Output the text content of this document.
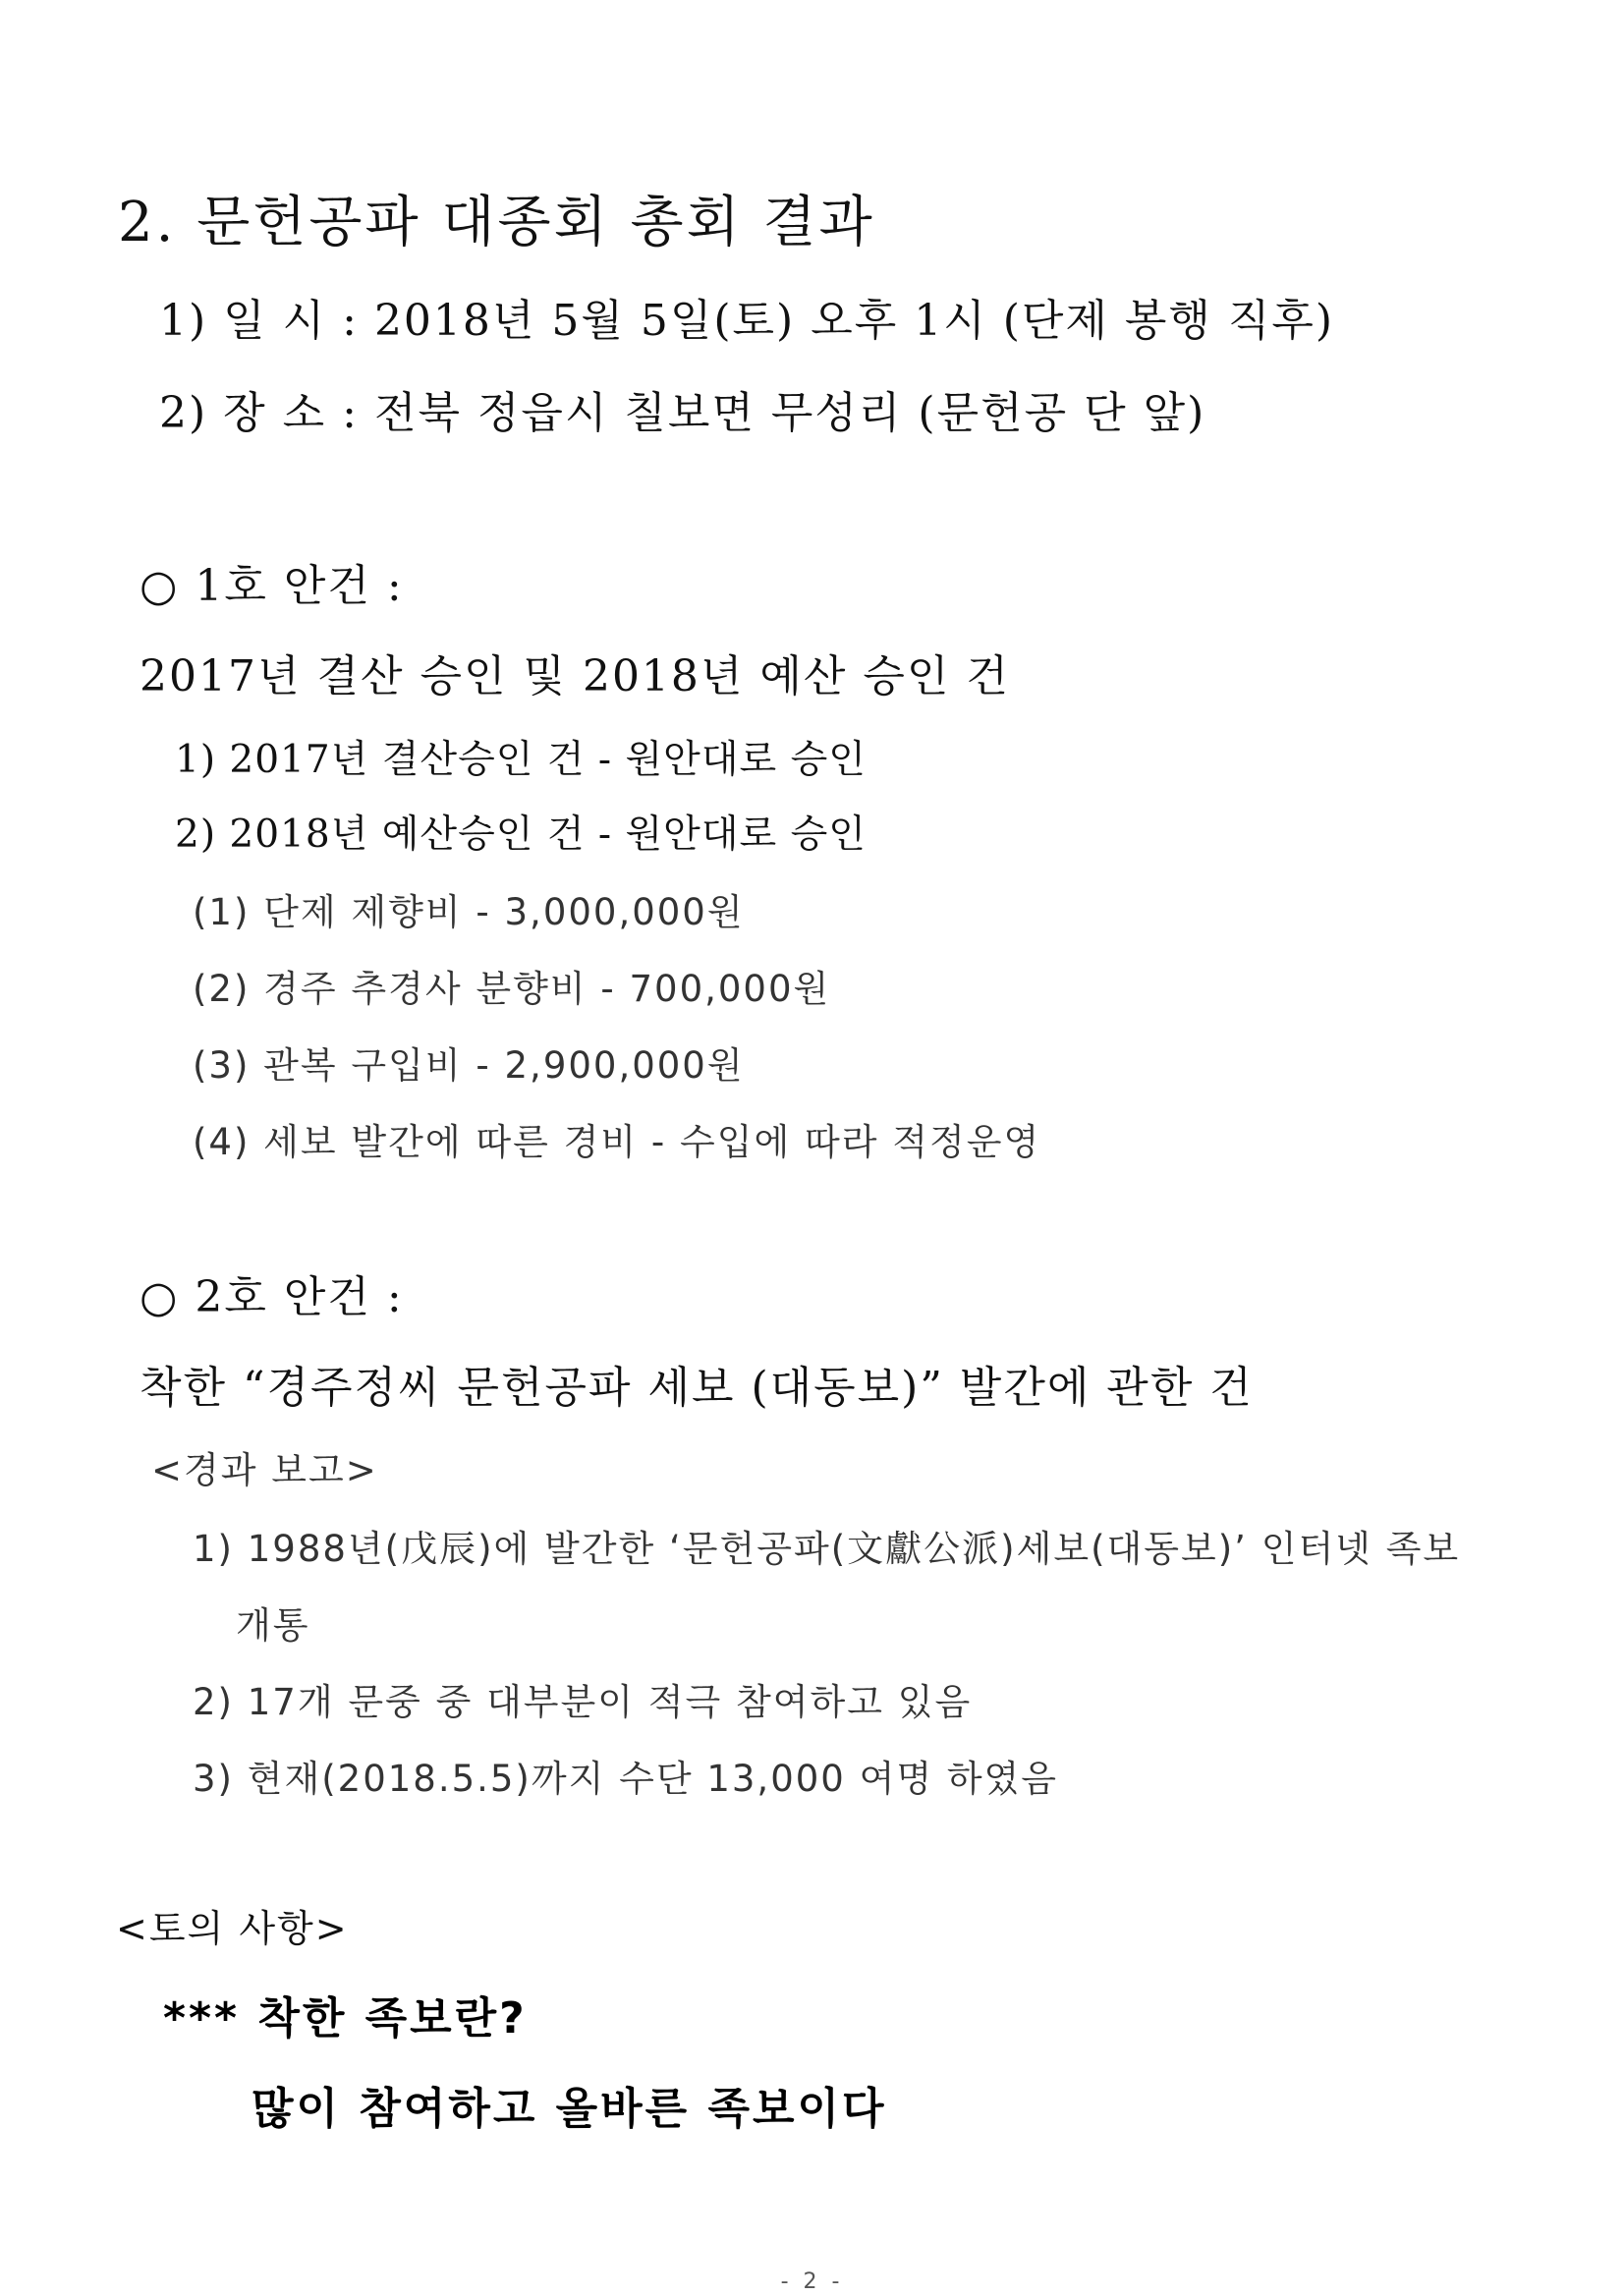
2. 문헌공파 대종회 총회 결과
1) 일 시 : 2018년 5월 5일(토) 오후 1시 (단제 봉행 직후)
2) 장 소 : 전북 정읍시 칠보면 무성리 (문헌공 단 앞)
○ 1호 안건 :
2017년 결산 승인 및 2018년 예산 승인 건
1) 2017년 결산승인 건 - 원안대로 승인
2) 2018년 예산승인 건 - 원안대로 승인
(1) 단제 제향비 - 3,000,000원
(2) 경주 추경사 분향비 - 700,000원
(3) 관복 구입비 - 2,900,000원
(4) 세보 발간에 따른 경비 - 수입에 따라 적정운영
○ 2호 안건 :
착한 “경주정씨 문헌공파 세보 (대동보)” 발간에 관한 건
<경과 보고>
1) 1988년(戊辰)에 발간한 ‘문헌공파(文獻公派)세보(대동보)’ 인터넷 족보
개통
2) 17개 문중 중 대부분이 적극 참여하고 있음
3) 현재(2018.5.5)까지 수단 13,000 여명 하였음
<토의 사항>
*** 착한 족보란?
많이 참여하고 올바른 족보이다
- 2 -
